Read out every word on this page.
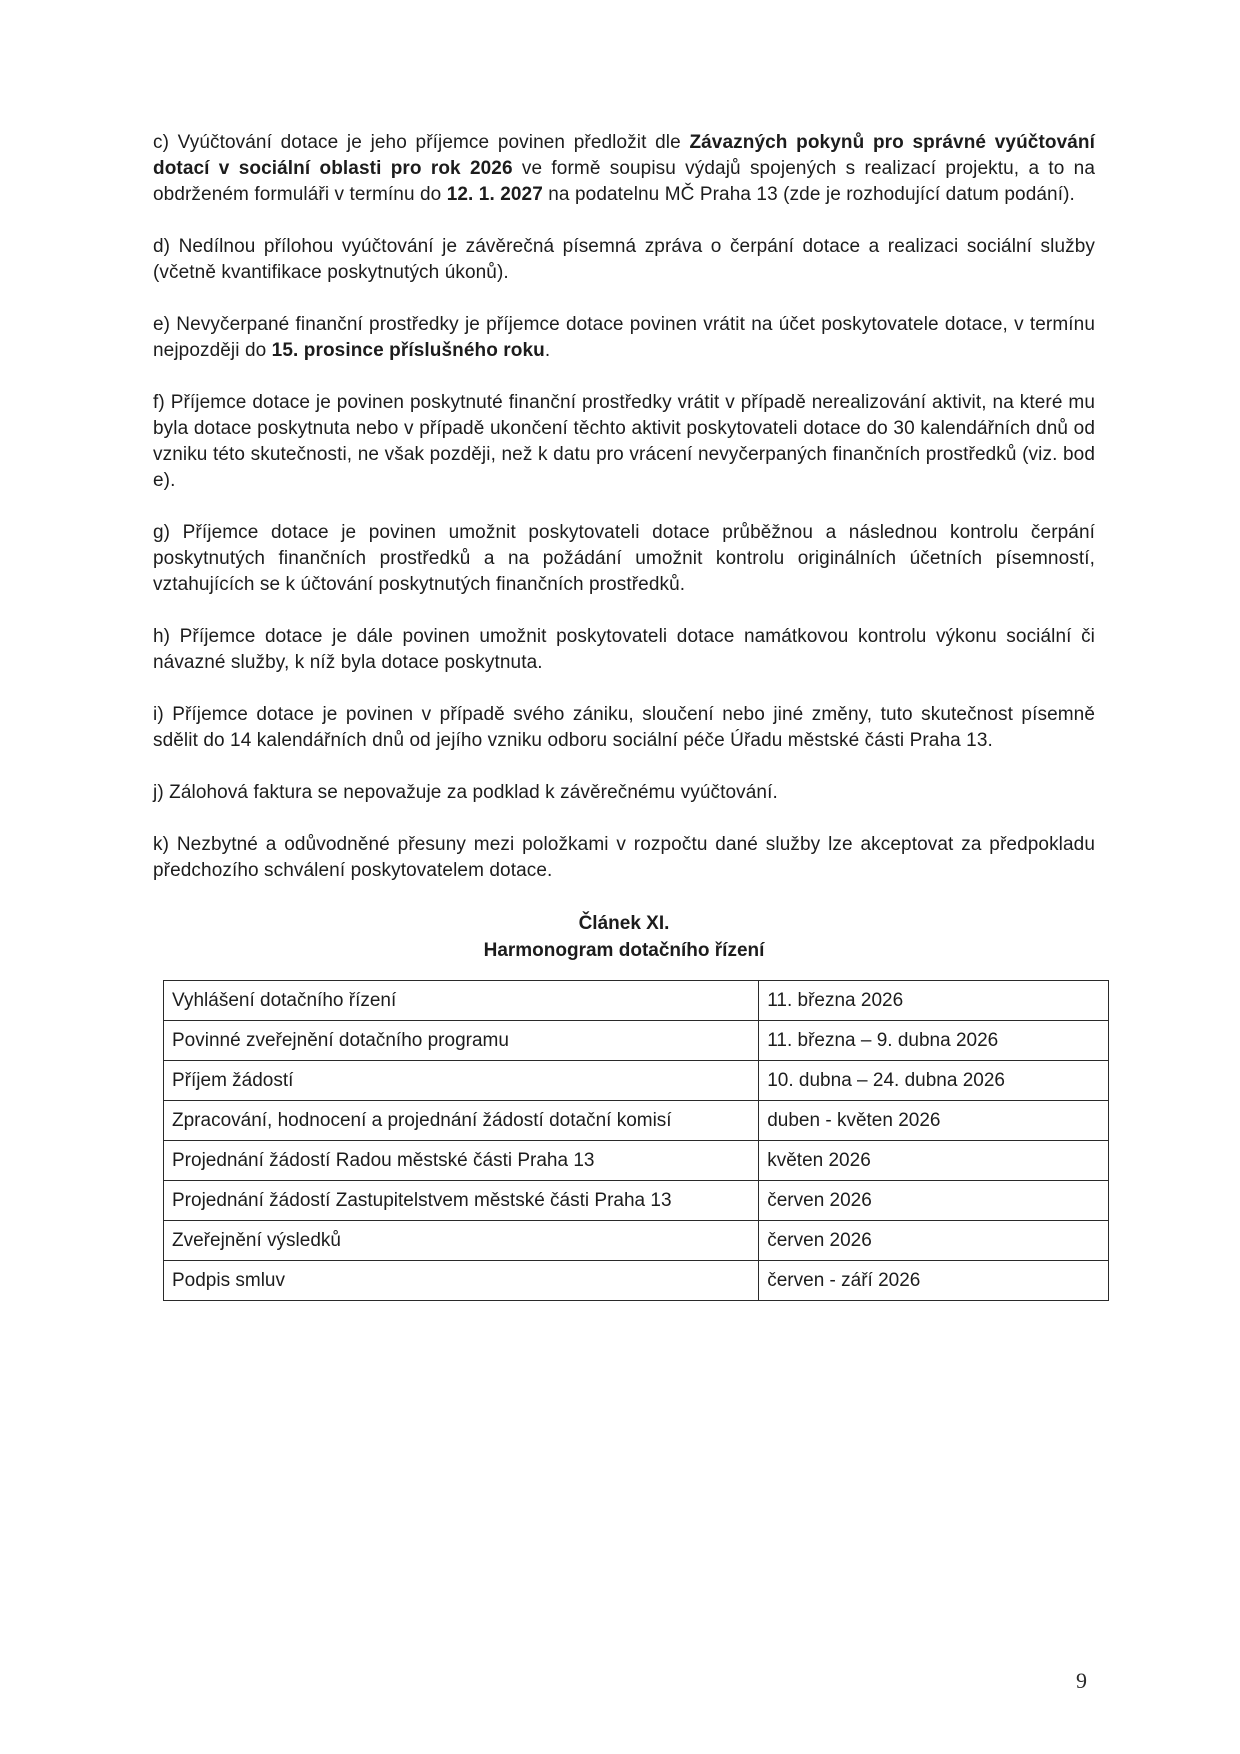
c) Vyúčtování dotace je jeho příjemce povinen předložit dle Závazných pokynů pro správné vyúčtování dotací v sociální oblasti pro rok 2026 ve formě soupisu výdajů spojených s realizací projektu, a to na obdrženém formuláři v termínu do 12. 1. 2027 na podatelnu MČ Praha 13 (zde je rozhodující datum podání).

d) Nedílnou přílohou vyúčtování je závěrečná písemná zpráva o čerpání dotace a realizaci sociální služby (včetně kvantifikace poskytnutých úkonů).

e) Nevyčerpané finanční prostředky je příjemce dotace povinen vrátit na účet poskytovatele dotace, v termínu nejpozději do 15. prosince příslušného roku.

f) Příjemce dotace je povinen poskytnuté finanční prostředky vrátit v případě nerealizování aktivit, na které mu byla dotace poskytnuta nebo v případě ukončení těchto aktivit poskytovateli dotace do 30 kalendářních dnů od vzniku této skutečnosti, ne však později, než k datu pro vrácení nevyčerpaných finančních prostředků (viz. bod e).

g) Příjemce dotace je povinen umožnit poskytovateli dotace průběžnou a následnou kontrolu čerpání poskytnutých finančních prostředků a na požádání umožnit kontrolu originálních účetních písemností, vztahujících se k účtování poskytnutých finančních prostředků.

h) Příjemce dotace je dále povinen umožnit poskytovateli dotace namátkovou kontrolu výkonu sociální či návazné služby, k níž byla dotace poskytnuta.

i) Příjemce dotace je povinen v případě svého zániku, sloučení nebo jiné změny, tuto skutečnost písemně sdělit do 14 kalendářních dnů od jejího vzniku odboru sociální péče Úřadu městské části Praha 13.

j) Zálohová faktura se nepovažuje za podklad k závěrečnému vyúčtování.

k) Nezbytné a odůvodněné přesuny mezi položkami v rozpočtu dané služby lze akceptovat za předpokladu předchozího schválení poskytovatelem dotace.

Článek XI.
Harmonogram dotačního řízení
Vyhlášení dotačního řízení	11. března 2026
Povinné zveřejnění dotačního programu	11. března – 9. dubna 2026
Příjem žádostí	10. dubna – 24. dubna 2026
Zpracování, hodnocení a projednání žádostí dotační komisí	duben - květen 2026
Projednání žádostí Radou městské části Praha 13	květen 2026
Projednání žádostí Zastupitelstvem městské části Praha 13	červen 2026
Zveřejnění výsledků	červen 2026
Podpis smluv	červen - září 2026
9
